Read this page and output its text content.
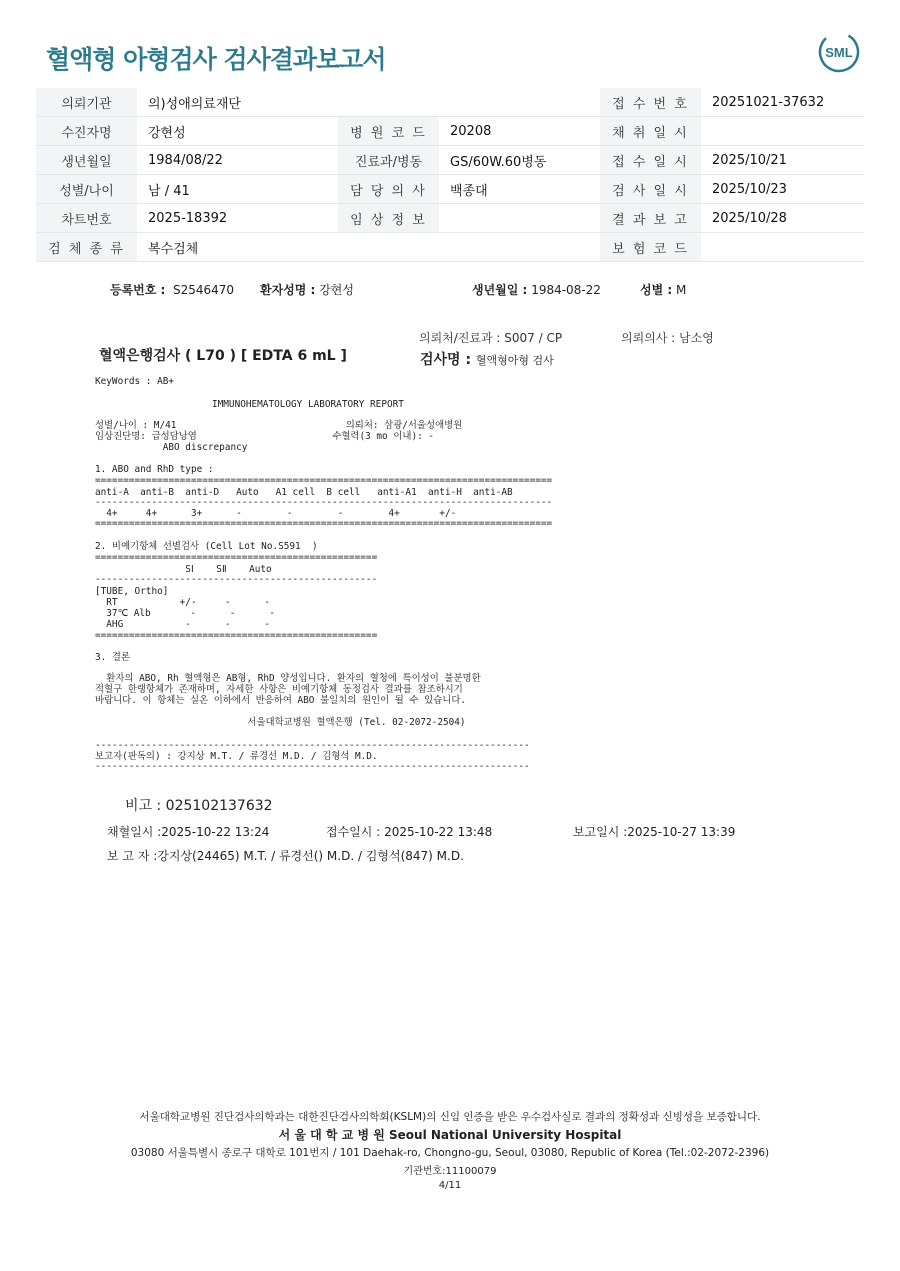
혈액형 아형검사 검사결과보고서	SML
의뢰기관	의)성애의료재단			접 수 번 호	20251021-37632
수진자명	강현성	병 원 코 드	20208	채 취 일 시	
생년월일	1984/08/22	진료과/병동	GS/60W.60병동	접 수 일 시	2025/10/21
성별/나이	남 / 41	담 당 의 사	백종대	검 사 일 시	2025/10/23
차트번호	2025-18392	임 상 정 보		결 과 보 고	2025/10/28
검 체 종 류	복수검체			보 험 코 드	
등록번호 : S2546470 환자성명 : 강현성	생년월일 : 1984-08-22	성별 : M
의뢰처/진료과 : S007 / CP	의뢰의사 : 남소영
혈액은행검사 ( L70 ) [ EDTA 6 mL ]	검사명 : 혈액형아형 검사
KeyWords : AB+
IMMUNOHEMATOLOGY LABORATORY REPORT
성별/나이 : M/41                              의뢰처: 삼광/서울성애병원
임상진단명: 급성담낭염                        수혈력(3 mo 이내): -
ABO discrepancy
1. ABO and RhD type :
=================================================================================
anti-A  anti-B  anti-D   Auto   A1 cell  B cell   anti-A1  anti-H  anti-AB
---------------------------------------------------------------------------------
4+     4+      3+      -        -        -        4+       +/-
=================================================================================
2. 비예기항체 선별검사 (Cell Lot No.S591  )
==================================================
SⅠ    SⅡ    Auto
--------------------------------------------------
[TUBE, Ortho]
RT           +/-     -      -
37℃ Alb       -      -      -
AHG           -      -      -
==================================================
3. 결론
환자의 ABO, Rh 혈액형은 AB형, RhD 양성입니다. 환자의 혈청에 특이성이 불분명한
적혈구 한랭항체가 존재하며, 자세한 사항은 비예기항체 동정검사 결과를 참조하시기
바랍니다. 이 항체는 실온 이하에서 반응하여 ABO 불일치의 원인이 될 수 있습니다.
서울대학교병원 혈액은행 (Tel. 02-2072-2504)
-----------------------------------------------------------------------------
보고자(판독의) : 강지상 M.T. / 류경선 M.D. / 김형석 M.D.
-----------------------------------------------------------------------------
비고 : 025102137632
채혈일시 :2025-10-22 13:24	접수일시 : 2025-10-22 13:48	보고일시 :2025-10-27 13:39
보 고 자 :강지상(24465) M.T. / 류경선() M.D. / 김형석(847) M.D.
서울대학교병원 진단검사의학과는 대한진단검사의학회(KSLM)의 신임 인증을 받은 우수검사실로 결과의 정확성과 신빙성을 보증합니다.
서 울 대 학 교 병 원 Seoul National University Hospital
03080 서울특별시 종로구 대학로 101번지 / 101 Daehak-ro, Chongno-gu, Seoul, 03080, Republic of Korea (Tel.:02-2072-2396)
기관번호:11100079
4/11
